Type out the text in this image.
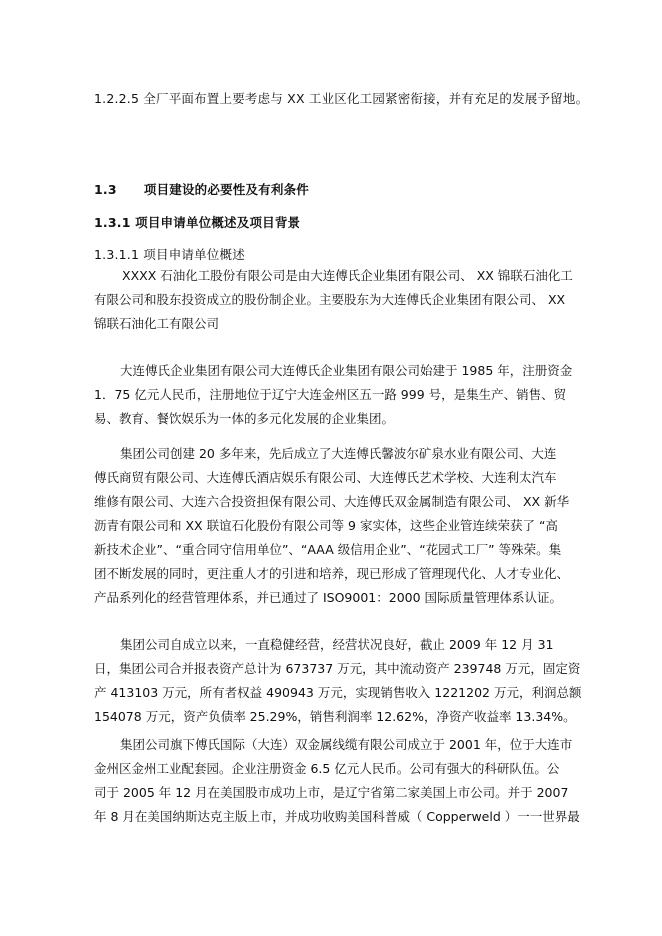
1.2.2.5 全厂平面布置上要考虑与 XX 工业区化工园紧密衔接，并有充足的发展予留地。
1.3 项目建设的必要性及有利条件
1.3.1 项目申请单位概述及项目背景
1.3.1.1 项目申请单位概述
XXXX 石油化工股份有限公司是由大连傅氏企业集团有限公司、 XX 锦联石油化工
有限公司和股东投资成立的股份制企业。主要股东为大连傅氏企业集团有限公司、 XX
锦联石油化工有限公司
大连傅氏企业集团有限公司大连傅氏企业集团有限公司始建于 1985 年，注册资金
1．75 亿元人民币，注册地位于辽宁大连金州区五一路 999 号，是集生产、销售、贸
易、教育、餐饮娱乐为一体的多元化发展的企业集团。
集团公司创建 20 多年来，先后成立了大连傅氏馨波尔矿泉水业有限公司、大连
傅氏商贸有限公司、大连傅氏酒店娱乐有限公司、大连傅氏艺术学校、大连利太汽车
维修有限公司、大连六合投资担保有限公司、大连傅氏双金属制造有限公司、 XX 新华
沥青有限公司和 XX 联谊石化股份有限公司等 9 家实体，这些企业管连续荣获了 “高
新技术企业”、“重合同守信用单位”、“AAA 级信用企业”、“花园式工厂” 等殊荣。集
团不断发展的同时，更注重人才的引进和培养，现已形成了管理现代化、人才专业化、
产品系列化的经营管理体系，并已通过了 ISO9001：2000 国际质量管理体系认证。
集团公司自成立以来，一直稳健经营，经营状况良好，截止 2009 年 12 月 31
日，集团公司合并报表资产总计为 673737 万元，其中流动资产 239748 万元，固定资
产 413103 万元，所有者权益 490943 万元，实现销售收入 1221202 万元，利润总额
154078 万元，资产负债率 25.29%，销售利润率 12.62%，净资产收益率 13.34%。
集团公司旗下傅氏国际（大连）双金属线缆有限公司成立于 2001 年，位于大连市
金州区金州工业配套园。企业注册资金 6.5 亿元人民币。公司有强大的科研队伍。公
司于 2005 年 12 月在美国股市成功上市，是辽宁省第二家美国上市公司。并于 2007
年 8 月在美国纳斯达克主版上市，并成功收购美国科普威（ Copperweld ）一一世界最
